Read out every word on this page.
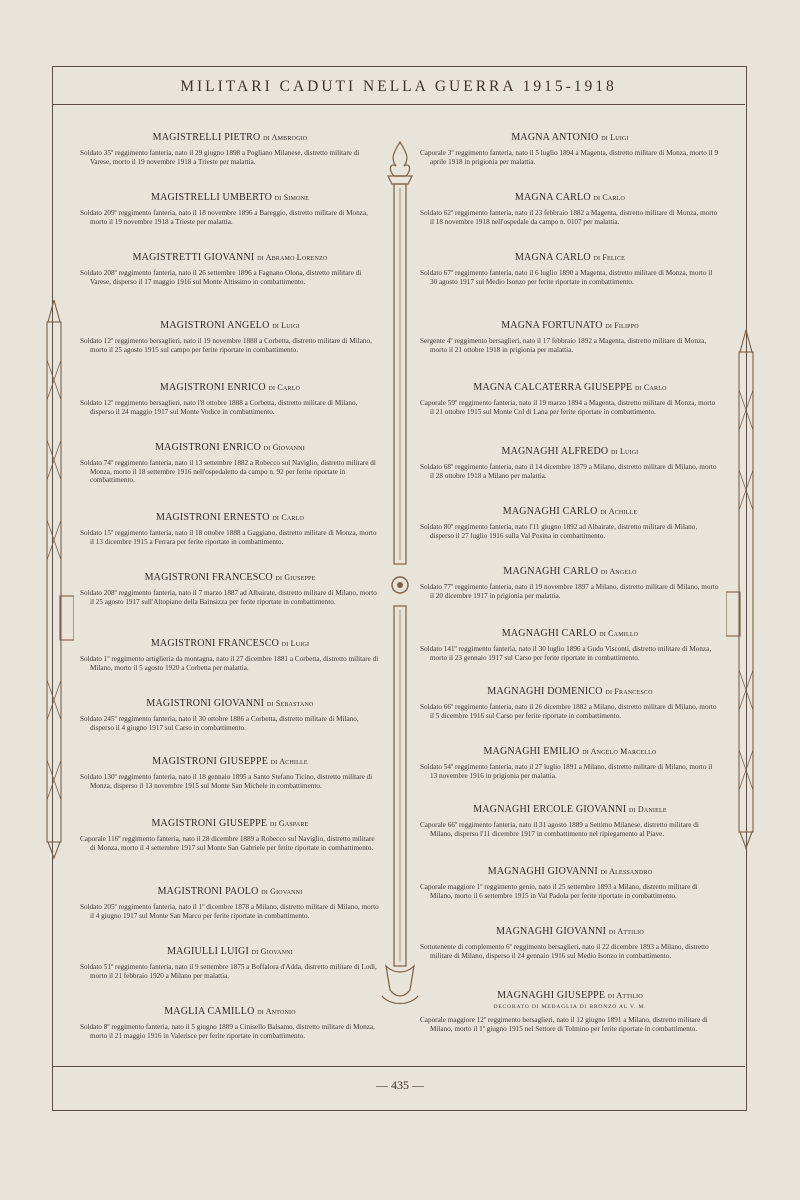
MILITARI CADUTI NELLA GUERRA 1915-1918
— 435 —
MAGISTRELLI PIETRO di Ambrogio
Soldato 35º reggimento fanteria, nato il 29 giugno 1898 a Pogliano Milanese, distretto militare di Varese, morto il 19 novembre 1918 a Trieste per malattia.
MAGISTRELLI UMBERTO di Simone
Soldato 209º reggimento fanteria, nato il 18 novembre 1896 a Bareggio, distretto militare di Monza, morto il 19 novembre 1918 a Trieste per malattia.
MAGISTRETTI GIOVANNI di Abramo Lorenzo
Soldato 208º reggimento fanteria, nato il 26 settembre 1896 a Fagnano Olona, distretto militare di Varese, disperso il 17 maggio 1916 sul Monte Altissimo in combattimento.
MAGISTRONI ANGELO di Luigi
Soldato 12º reggimento bersaglieri, nato il 19 novembre 1888 a Corbetta, distretto militare di Milano, morto il 25 agosto 1915 sul campo per ferite riportate in combattimento.
MAGISTRONI ENRICO di Carlo
Soldato 12º reggimento bersaglieri, nato l'8 ottobre 1888 a Corbetta, distretto militare di Milano, disperso il 24 maggio 1917 sul Monte Vodice in combattimento.
MAGISTRONI ENRICO di Giovanni
Soldato 74º reggimento fanteria, nato il 13 settembre 1882 a Robecco sul Naviglio, distretto militare di Monza, morto il 18 settembre 1916 nell'ospedaletto da campo n. 92 per ferite riportate in combattimento.
MAGISTRONI ERNESTO di Carlo
Soldato 15º reggimento fanteria, nato il 18 ottobre 1888 a Gaggiano, distretto militare di Monza, morto il 13 dicembre 1915 a Ferrara per ferite riportate in combattimento.
MAGISTRONI FRANCESCO di Giuseppe
Soldato 208º reggimento fanteria, nato il 7 marzo 1887 ad Albairate, distretto militare di Milano, morto il 25 agosto 1917 sull'Altopiano della Bainsizza per ferite riportate in combattimento.
MAGISTRONI FRANCESCO di Luigi
Soldato 1º reggimento artiglieria da montagna, nato il 27 dicembre 1881 a Corbetta, distretto militare di Milano, morto il 5 agosto 1920 a Corbetta per malattia.
MAGISTRONI GIOVANNI di Sebastano
Soldato 245º reggimento fanteria, nato il 30 ottobre 1886 a Corbetta, distretto militare di Milano, disperso il 4 giugno 1917 sul Carso in combattimento.
MAGISTRONI GIUSEPPE di Achille
Soldato 130º reggimento fanteria, nato il 18 gennaio 1895 a Santo Stefano Ticino, distretto militare di Monza, disperso il 13 novembre 1915 sul Monte San Michele in combattimento.
MAGISTRONI GIUSEPPE di Gaspare
Caporale 116º reggimento fanteria, nato il 28 dicembre 1889 a Robecco sul Naviglio, distretto militare di Monza, morto il 4 settembre 1917 sul Monte San Gabriele per ferite riportate in combattimento.
MAGISTRONI PAOLO di Giovanni
Soldato 205º reggimento fanteria, nato il 1º dicembre 1878 a Milano, distretto militare di Milano, morto il 4 giugno 1917 sul Monte San Marco per ferite riportate in combattimento.
MAGIULLI LUIGI di Giovanni
Soldato 51º reggimento fanteria, nato il 9 settembre 1875 a Boffalora d'Adda, distretto militare di Lodi, morto il 21 febbraio 1920 a Milano per malattia.
MAGLIA CAMILLO di Antonio
Soldato 8º reggimento fanteria, nato il 5 giugno 1889 a Cinisello Balsamo, distretto militare di Monza, morto il 21 maggio 1916 in Valerisce per ferite riportate in combattimento.
MAGNA ANTONIO di Luigi
Caporale 3º reggimento fanteria, nato il 5 luglio 1894 a Magenta, distretto militare di Monza, morto il 9 aprile 1918 in prigionia per malattia.
MAGNA CARLO di Carlo
Soldato 62º reggimento fanteria, nato il 23 febbraio 1882 a Magenta, distretto militare di Monza, morto il 18 novembre 1918 nell'ospedale da campo n. 0107 per malattia.
MAGNA CARLO di Felice
Soldato 67º reggimento fanteria, nato il 6 luglio 1890 a Magenta, distretto militare di Monza, morto il 30 agosto 1917 sul Medio Isonzo per ferite riportate in combattimento.
MAGNA FORTUNATO di Filippo
Sergente 4º reggimento bersaglieri, nato il 17 febbraio 1892 a Magenta, distretto militare di Monza, morto il 21 ottobre 1918 in prigionia per malattia.
MAGNA CALCATERRA GIUSEPPE di Carlo
Caporale 59º reggimento fanteria, nato il 19 marzo 1894 a Magenta, distretto militare di Monza, morto il 21 ottobre 1915 sul Monte Col di Lana per ferite riportate in combattimento.
MAGNAGHI ALFREDO di Luigi
Soldato 68º reggimento fanteria, nato il 14 dicembre 1879 a Milano, distretto militare di Milano, morto il 28 ottobre 1918 a Milano per malattia.
MAGNAGHI CARLO di Achille
Soldato 80º reggimento fanteria, nato l'11 giugno 1892 ad Albairate, distretto militare di Milano, disperso il 27 luglio 1916 sulla Val Posina in combattimento.
MAGNAGHI CARLO di Angelo
Soldato 77º reggimento fanteria, nato il 19 novembre 1897 a Milano, distretto militare di Milano, morto il 20 dicembre 1917 in prigionia per malattia.
MAGNAGHI CARLO di Camillo
Soldato 141º reggimento fanteria, nato il 30 luglio 1896 a Gudo Visconti, distretto militare di Monza, morto il 23 gennaio 1917 sul Carso per ferite riportate in combattimento.
MAGNAGHI DOMENICO di Francesco
Soldato 66º reggimento fanteria, nato il 26 dicembre 1882 a Milano, distretto militare di Milano, morto il 5 dicembre 1916 sul Carso per ferite riportate in combattimento.
MAGNAGHI EMILIO di Angelo Marcello
Soldato 54º reggimento fanteria, nato il 27 luglio 1891 a Milano, distretto militare di Milano, morto il 13 novembre 1916 in prigionia per malattia.
MAGNAGHI ERCOLE GIOVANNI di Daniele
Caporale 66º reggimento fanteria, nato il 31 agosto 1889 a Settimo Milanese, distretto militare di Milano, disperso l'11 dicembre 1917 in combattimento nel ripiegamento al Piave.
MAGNAGHI GIOVANNI di Alessandro
Caporale maggiore 1º reggimento genio, nato il 25 settembre 1893 a Milano, distretto militare di Milano, morto il 6 settembre 1915 in Val Padola per ferite riportate in combattimento.
MAGNAGHI GIOVANNI di Attilio
Sottotenente di complemento 6º reggimento bersaglieri, nato il 22 dicembre 1893 a Milano, distretto militare di Milano, disperso il 24 gennaio 1916 sul Medio Isonzo in combattimento.
MAGNAGHI GIUSEPPE di Attilio
DECORATO DI MEDAGLIA DI BRONZO AL V. M.
Caporale maggiore 12º reggimento bersaglieri, nato il 12 giugno 1891 a Milano, distretto militare di Milano, morto il 1º giugno 1915 nel Settore di Tolmino per ferite riportate in combattimento.
